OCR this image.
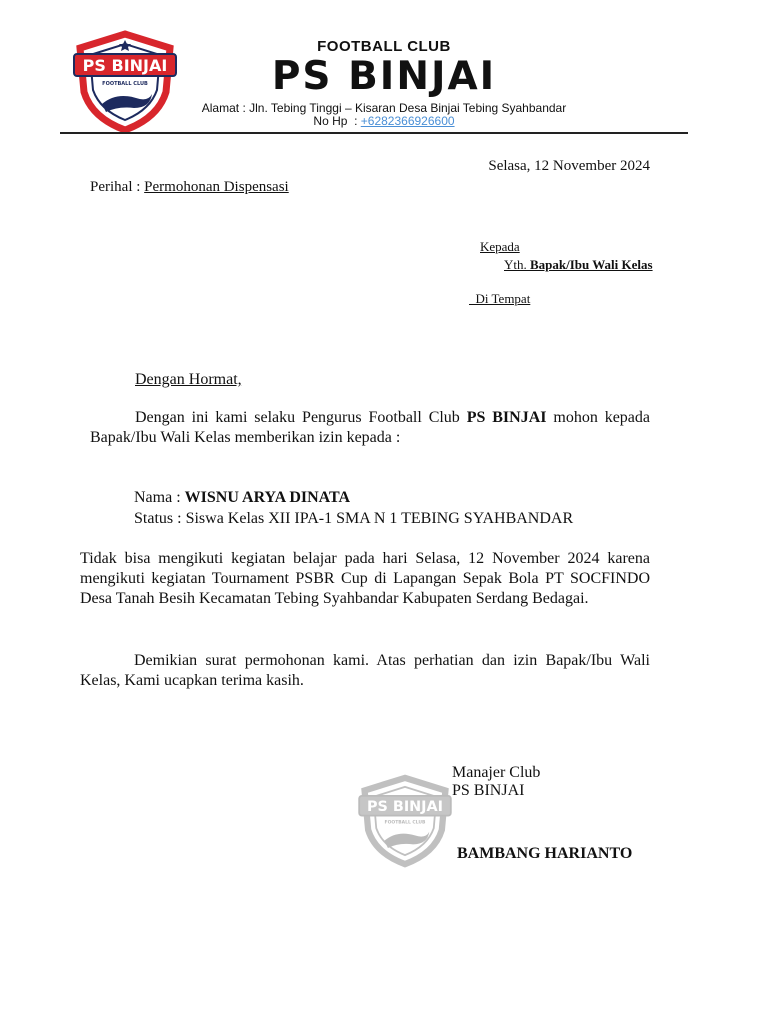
PS BINJAI
FOOTBALL CLUB
FOOTBALL CLUB
PS BINJAI
Alamat : Jln. Tebing Tinggi – Kisaran Desa Binjai Tebing Syahbandar
No Hp  : +6282366926600
Selasa, 12 November 2024
Perihal : Permohonan Dispensasi
Kepada
Yth. Bapak/Ibu Wali Kelas
Di Tempat
Dengan Hormat,
Dengan ini kami selaku Pengurus Football Club PS BINJAI mohon kepada Bapak/Ibu Wali Kelas memberikan izin kepada :
Nama : WISNU ARYA DINATA
Status : Siswa Kelas XII IPA-1 SMA N 1 TEBING SYAHBANDAR
Tidak bisa mengikuti kegiatan belajar pada hari Selasa, 12 November 2024 karena mengikuti kegiatan Tournament PSBR Cup di Lapangan Sepak Bola PT SOCFINDO Desa Tanah Besih Kecamatan Tebing Syahbandar Kabupaten Serdang Bedagai.
Demikian surat permohonan kami. Atas perhatian dan izin Bapak/Ibu Wali Kelas, Kami ucapkan terima kasih.
PS BINJAI
FOOTBALL CLUB
Manajer Club
PS BINJAI
BAMBANG HARIANTO
